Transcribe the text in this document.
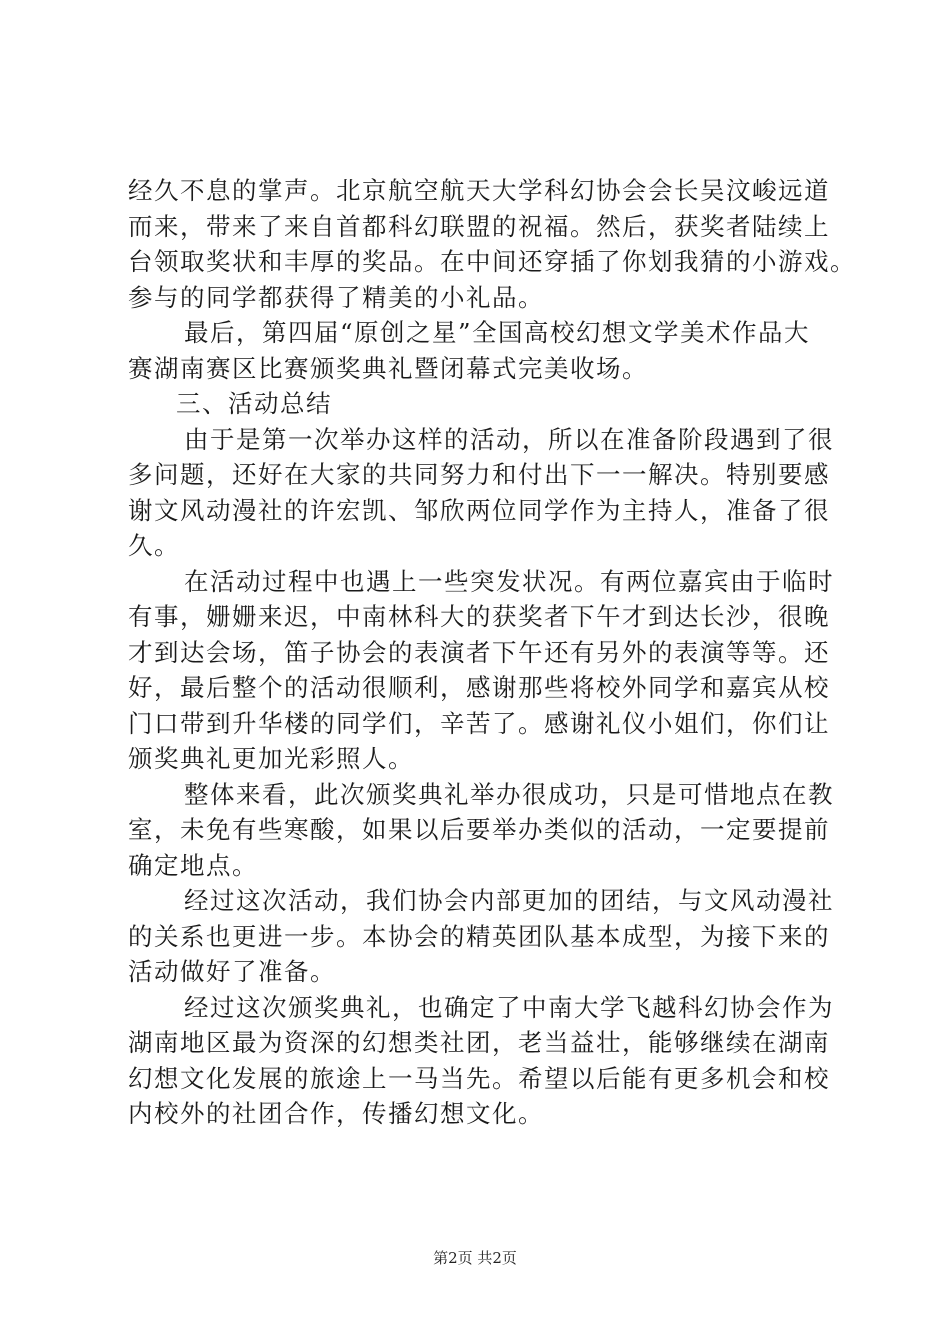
经久不息的掌声。北京航空航天大学科幻协会会长吴汶峻远道
而来，带来了来自首都科幻联盟的祝福。然后，获奖者陆续上
台领取奖状和丰厚的奖品。在中间还穿插了你划我猜的小游戏。
参与的同学都获得了精美的小礼品。
最后，第四届“原创之星”全国高校幻想文学美术作品大
赛湖南赛区比赛颁奖典礼暨闭幕式完美收场。
三、活动总结
由于是第一次举办这样的活动，所以在准备阶段遇到了很
多问题，还好在大家的共同努力和付出下一一解决。特别要感
谢文风动漫社的许宏凯、邹欣两位同学作为主持人，准备了很
久。
在活动过程中也遇上一些突发状况。有两位嘉宾由于临时
有事，姗姗来迟，中南林科大的获奖者下午才到达长沙，很晚
才到达会场，笛子协会的表演者下午还有另外的表演等等。还
好，最后整个的活动很顺利，感谢那些将校外同学和嘉宾从校
门口带到升华楼的同学们，辛苦了。感谢礼仪小姐们，你们让
颁奖典礼更加光彩照人。
整体来看，此次颁奖典礼举办很成功，只是可惜地点在教
室，未免有些寒酸，如果以后要举办类似的活动，一定要提前
确定地点。
经过这次活动，我们协会内部更加的团结，与文风动漫社
的关系也更进一步。本协会的精英团队基本成型，为接下来的
活动做好了准备。
经过这次颁奖典礼，也确定了中南大学飞越科幻协会作为
湖南地区最为资深的幻想类社团，老当益壮，能够继续在湖南
幻想文化发展的旅途上一马当先。希望以后能有更多机会和校
内校外的社团合作，传播幻想文化。
第2页 共2页
